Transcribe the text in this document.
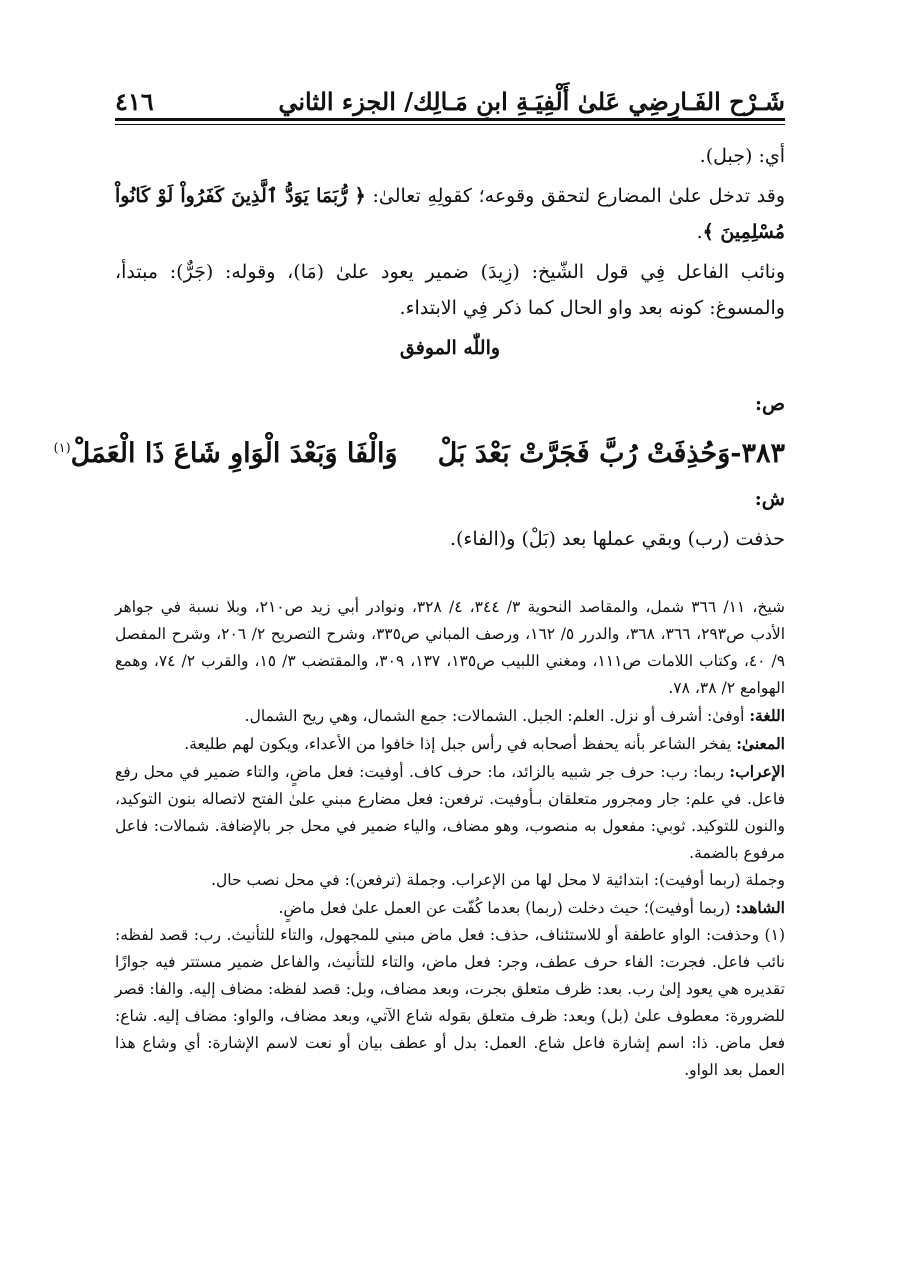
شَـرْح الفَـارِضِي عَلىٰ أَلْفِيَـةِ ابنِ مَـالِك/ الجزء الثاني
٤١٦

أي: (جبل).

وقد تدخل علىٰ المضارع لتحقق وقوعه؛ كقولِهِ تعالىٰ: ﴿ رُّبَمَا يَوَدُّ ٱلَّذِينَ كَفَرُواْ لَوْ كَانُواْ مُسْلِمِينَ ﴾.

ونائب الفاعل فِي قول الشّيخ: (زِيدَ) ضمير يعود علىٰ (مَا)، وقوله: (جَرٌّ): مبتدأ، والمسوغ: كونه بعد واو الحال كما ذكر فِي الابتداء.

واللّٰه الموفق

ص:

٣٨٣-وَحُذِفَتْ رُبَّ فَجَرَّتْ بَعْدَ بَلْوَالْفَا وَبَعْدَ الْوَاوِ شَاعَ ذَا الْعَمَلْ$^{(١)}$

ش:

حذفت (رب) وبقي عملها بعد (بَلْ) و(الفاء).

شيخ، ١١/ ٣٦٦ شمل، والمقاصد النحوية ٣/ ٣٤٤، ٤/ ٣٢٨، ونوادر أبي زيد ص٢١٠، وبلا نسبة في جواهر الأدب ص٢٩٣، ٣٦٦، ٣٦٨، والدرر ٥/ ١٦٢، ورصف المباني ص٣٣٥، وشرح التصريح ٢/ ٢٠٦، وشرح المفصل ٩/ ٤٠، وكتاب اللامات ص١١١، ومغني اللبيب ص١٣٥، ١٣٧، ٣٠٩، والمقتضب ٣/ ١٥، والقرب ٢/ ٧٤، وهمع الهوامع ٢/ ٣٨، ٧٨.

اللغة: أوفىٰ: أشرف أو نزل. العلم: الجبل. الشمالات: جمع الشمال، وهي ريح الشمال.

المعنىٰ: يفخر الشاعر بأنه يحفظ أصحابه في رأس جبل إذا خافوا من الأعداء، ويكون لهم طليعة.

الإعراب: ربما: رب: حرف جر شبيه بالزائد، ما: حرف كاف. أوفيت: فعل ماضٍ، والتاء ضمير في محل رفع فاعل. في علم: جار ومجرور متعلقان بـأوفيت. ترفعن: فعل مضارع مبني علىٰ الفتح لاتصاله بنون التوكيد، والنون للتوكيد. ثوبي: مفعول به منصوب، وهو مضاف، والياء ضمير في محل جر بالإضافة. شمالات: فاعل مرفوع بالضمة.

وجملة (ربما أوفيت): ابتدائية لا محل لها من الإعراب. وجملة (ترفعن): في محل نصب حال.

الشاهد: (ربما أوفيت)؛ حيث دخلت (ربما) بعدما كُفّت عن العمل علىٰ فعل ماضٍ.

(١) وحذفت: الواو عاطفة أو للاستئناف، حذف: فعل ماض مبني للمجهول، والتاء للتأنيث. رب: قصد لفظه: نائب فاعل. فجرت: الفاء حرف عطف، وجر: فعل ماض، والتاء للتأنيث، والفاعل ضمير مستتر فيه جوازًا تقديره هي يعود إلىٰ رب. بعد: ظرف متعلق بجرت، وبعد مضاف، وبل: قصد لفظه: مضاف إليه. والفا: قصر للضرورة: معطوف علىٰ (بل) وبعد: ظرف متعلق بقوله شاع الآتي، وبعد مضاف، والواو: مضاف إليه. شاع: فعل ماض. ذا: اسم إشارة فاعل شاع. العمل: بدل أو عطف بيان أو نعت لاسم الإشارة: أي وشاع هذا العمل بعد الواو.
